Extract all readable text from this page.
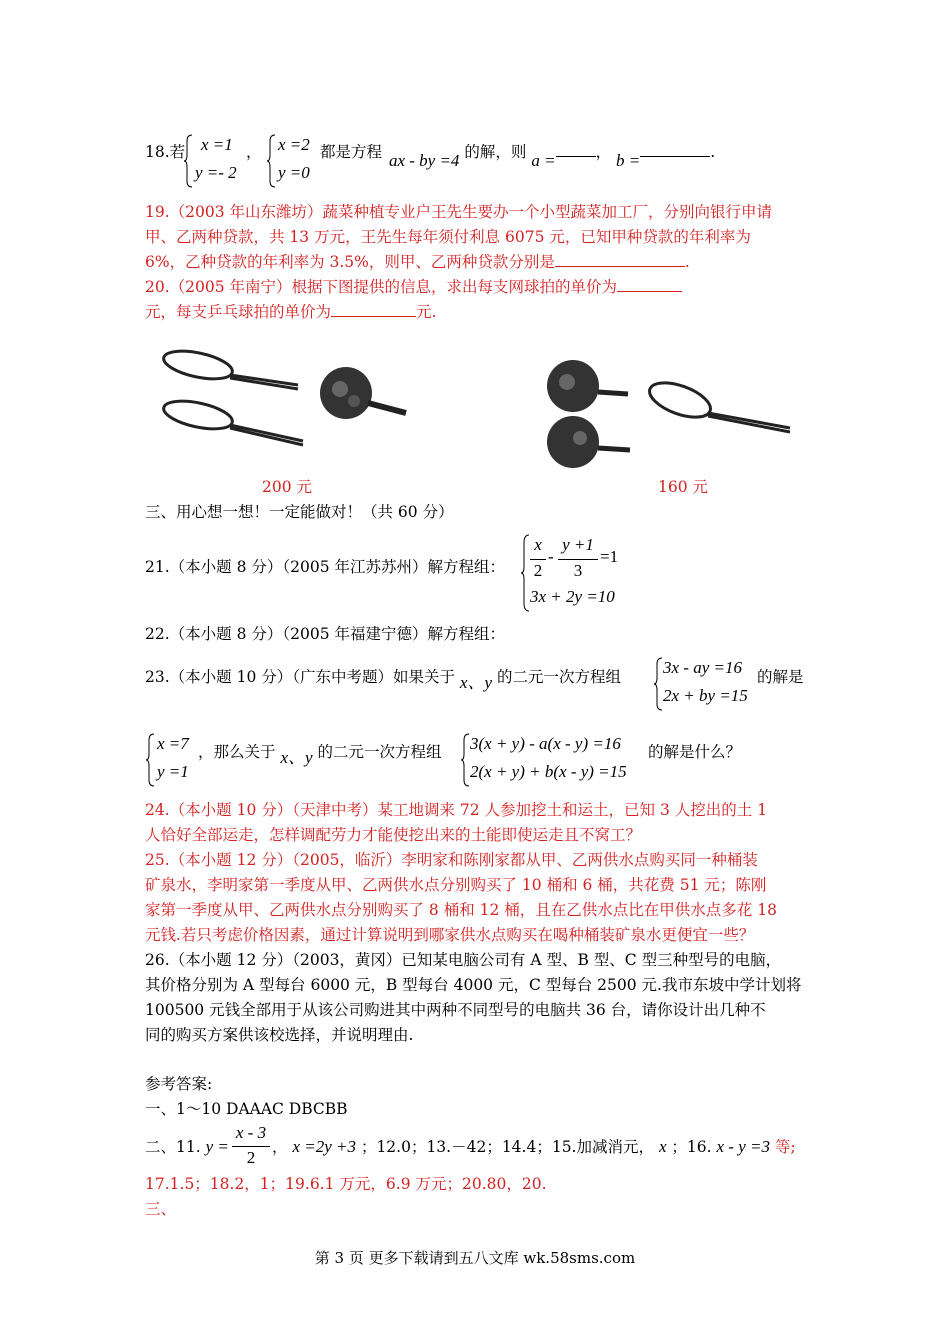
18.若 x =1
y =- 2
， x =2
y =0
都是方程 ax - by =4 的解，则 a =	， b =	.
19.（2003 年山东潍坊）蔬菜种植专业户王先生要办一个小型蔬菜加工厂，分别向银行申请
甲、乙两种贷款，共 13 万元，王先生每年须付利息 6075 元，已知甲种贷款的年利率为
6%，乙种贷款的年利率为 3.5%，则甲、乙两种贷款分别是	.
20.（2005 年南宁）根据下图提供的信息，求出每支网球拍的单价为
元，每支乒乓球拍的单价为	元.
200 元	160 元
三、用心想一想！一定能做对！（共 60 分）
21.（本小题 8 分）（2005 年江苏苏州）解方程组：
x
2
-
y +1
3
=1
3x + 2y =10
22.（本小题 8 分）（2005 年福建宁德）解方程组：
23.（本小题 10 分）（广东中考题）如果关于 x、y 的二元一次方程组 3x - ay =16
2x + by =15
的解是
x =7
y =1
，那么关于 x、y 的二元一次方程组 3(x + y) - a(x - y) =16
2(x + y) + b(x - y) =15
的解是什么？
24.（本小题 10 分）（天津中考）某工地调来 72 人参加挖土和运土，已知 3 人挖出的土 1
人恰好全部运走，怎样调配劳力才能使挖出来的土能即使运走且不窝工？
25.（本小题 12 分）（2005，临沂）李明家和陈刚家都从甲、乙两供水点购买同一种桶装
矿泉水，李明家第一季度从甲、乙两供水点分别购买了 10 桶和 6 桶，共花费 51 元；陈刚
家第一季度从甲、乙两供水点分别购买了 8 桶和 12 桶，且在乙供水点比在甲供水点多花 18
元钱.若只考虑价格因素，通过计算说明到哪家供水点购买在喝种桶装矿泉水更便宜一些？
26.（本小题 12 分）（2003，黄冈）已知某电脑公司有 A 型、B 型、C 型三种型号的电脑，
其价格分别为 A 型每台 6000 元，B 型每台 4000 元，C 型每台 2500 元.我市东坡中学计划将
100500 元钱全部用于从该公司购进其中两种不同型号的电脑共 36 台，请你设计出几种不
同的购买方案供该校选择，并说明理由.
参考答案:
一、1～10 DAAAC DBCBB
二、11. y =
x - 3
2
， x =2y +3 ；12.0；13.－42；14.4；15.加减消元， x ；16. x - y =3 等;
17.1.5；18.2，1；19.6.1 万元，6.9 万元；20.80，20.
三、
第 3 页 更多下载请到五八文库 wk.58sms.com
